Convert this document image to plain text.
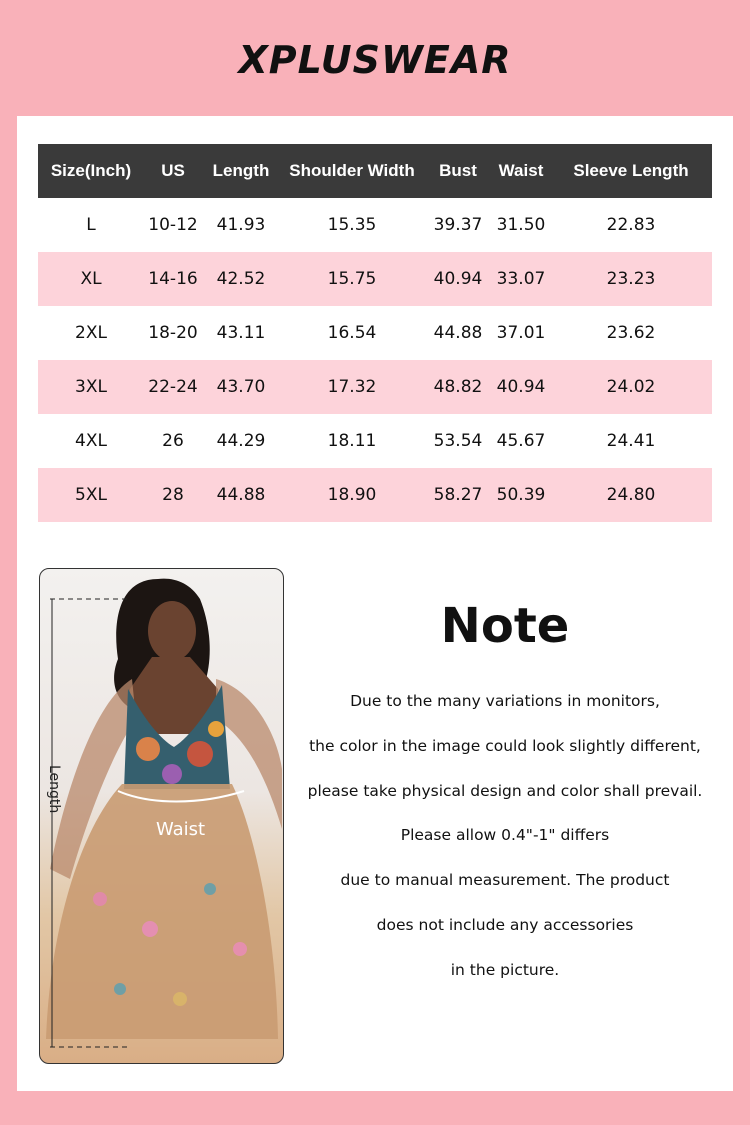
XPLUSWEAR
Size(Inch)	US	Length	Shoulder Width	Bust	Waist	Sleeve Length
L	10-12	41.93	15.35	39.37	31.50	22.83
XL	14-16	42.52	15.75	40.94	33.07	23.23
2XL	18-20	43.11	16.54	44.88	37.01	23.62
3XL	22-24	43.70	17.32	48.82	40.94	24.02
4XL	26	44.29	18.11	53.54	45.67	24.41
5XL	28	44.88	18.90	58.27	50.39	24.80
Length
Waist
Note
Due to the many variations in monitors,
the color in the image could look slightly different,
please take physical design and color shall prevail.
Please allow 0.4"-1" differs
due to manual measurement. The product
does not include any accessories
in the picture.
